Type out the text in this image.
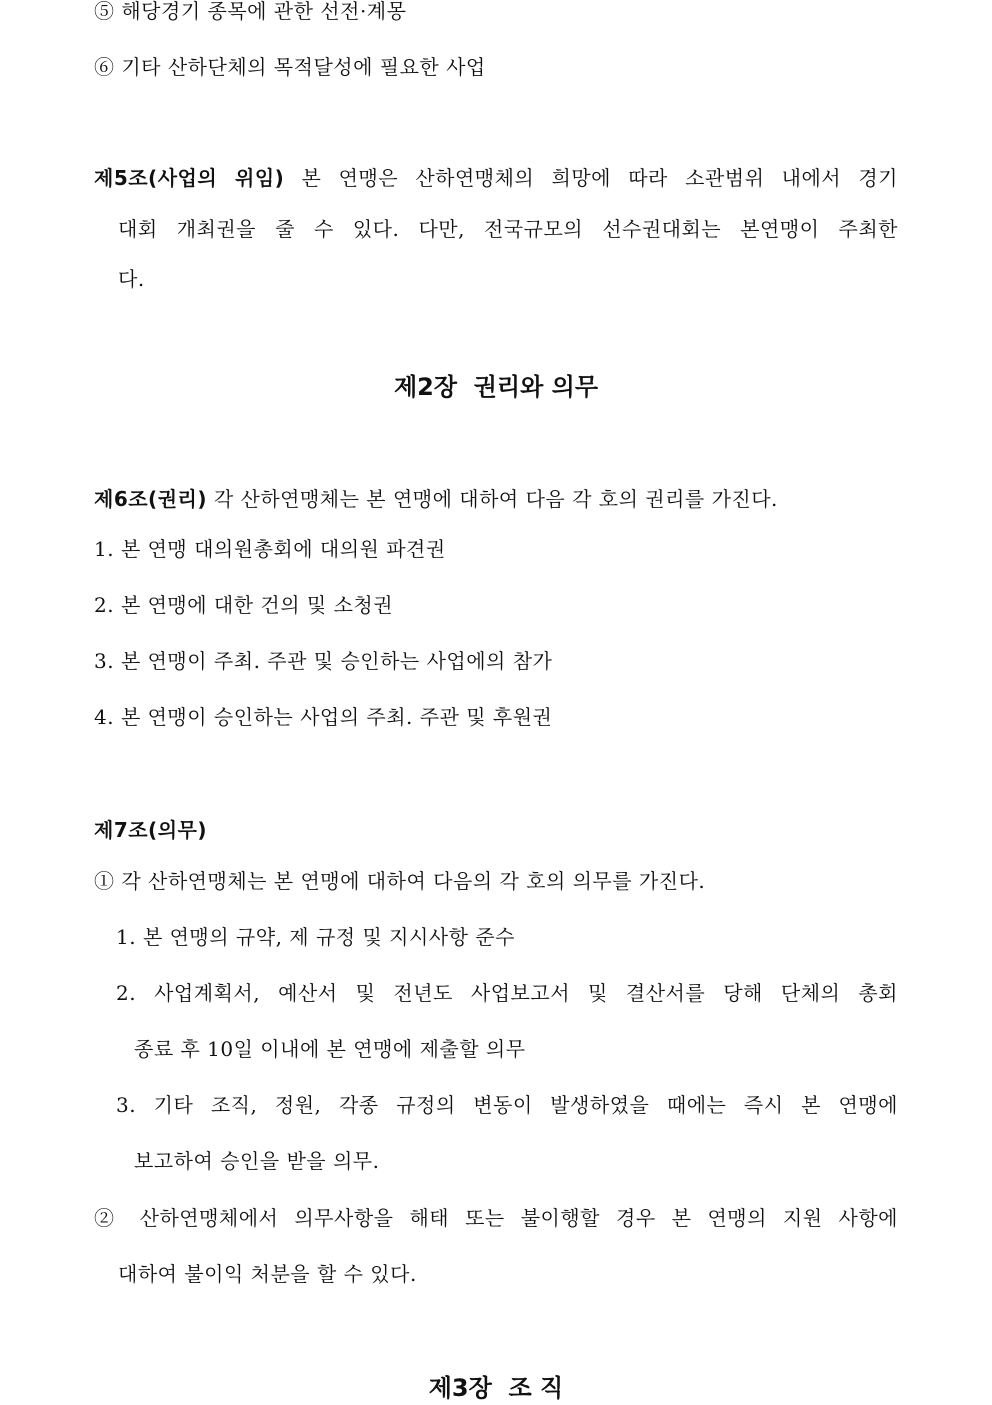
⑤ 해당경기 종목에 관한 선전·계몽
⑥ 기타 산하단체의 목적달성에 필요한 사업
제5조(사업의 위임) 본 연맹은 산하연맹체의 희망에 따라 소관범위 내에서 경기
대회 개최권을 줄 수 있다. 다만, 전국규모의 선수권대회는 본연맹이 주최한
다.
제2장  권리와 의무
제6조(권리) 각 산하연맹체는 본 연맹에 대하여 다음 각 호의 권리를 가진다.
1. 본 연맹 대의원총회에 대의원 파견권
2. 본 연맹에 대한 건의 및 소청권
3. 본 연맹이 주최. 주관 및 승인하는 사업에의 참가
4. 본 연맹이 승인하는 사업의 주최. 주관 및 후원권
제7조(의무)
① 각 산하연맹체는 본 연맹에 대하여 다음의 각 호의 의무를 가진다.
1. 본 연맹의 규약, 제 규정 및 지시사항 준수
2. 사업계획서, 예산서 및 전년도 사업보고서 및 결산서를 당해 단체의 총회
종료 후 10일 이내에 본 연맹에 제출할 의무
3. 기타 조직, 정원, 각종 규정의 변동이 발생하였을 때에는 즉시 본 연맹에
보고하여 승인을 받을 의무.
② 산하연맹체에서 의무사항을 해태 또는 불이행할 경우 본 연맹의 지원 사항에
대하여 불이익 처분을 할 수 있다.
제3장  조 직
